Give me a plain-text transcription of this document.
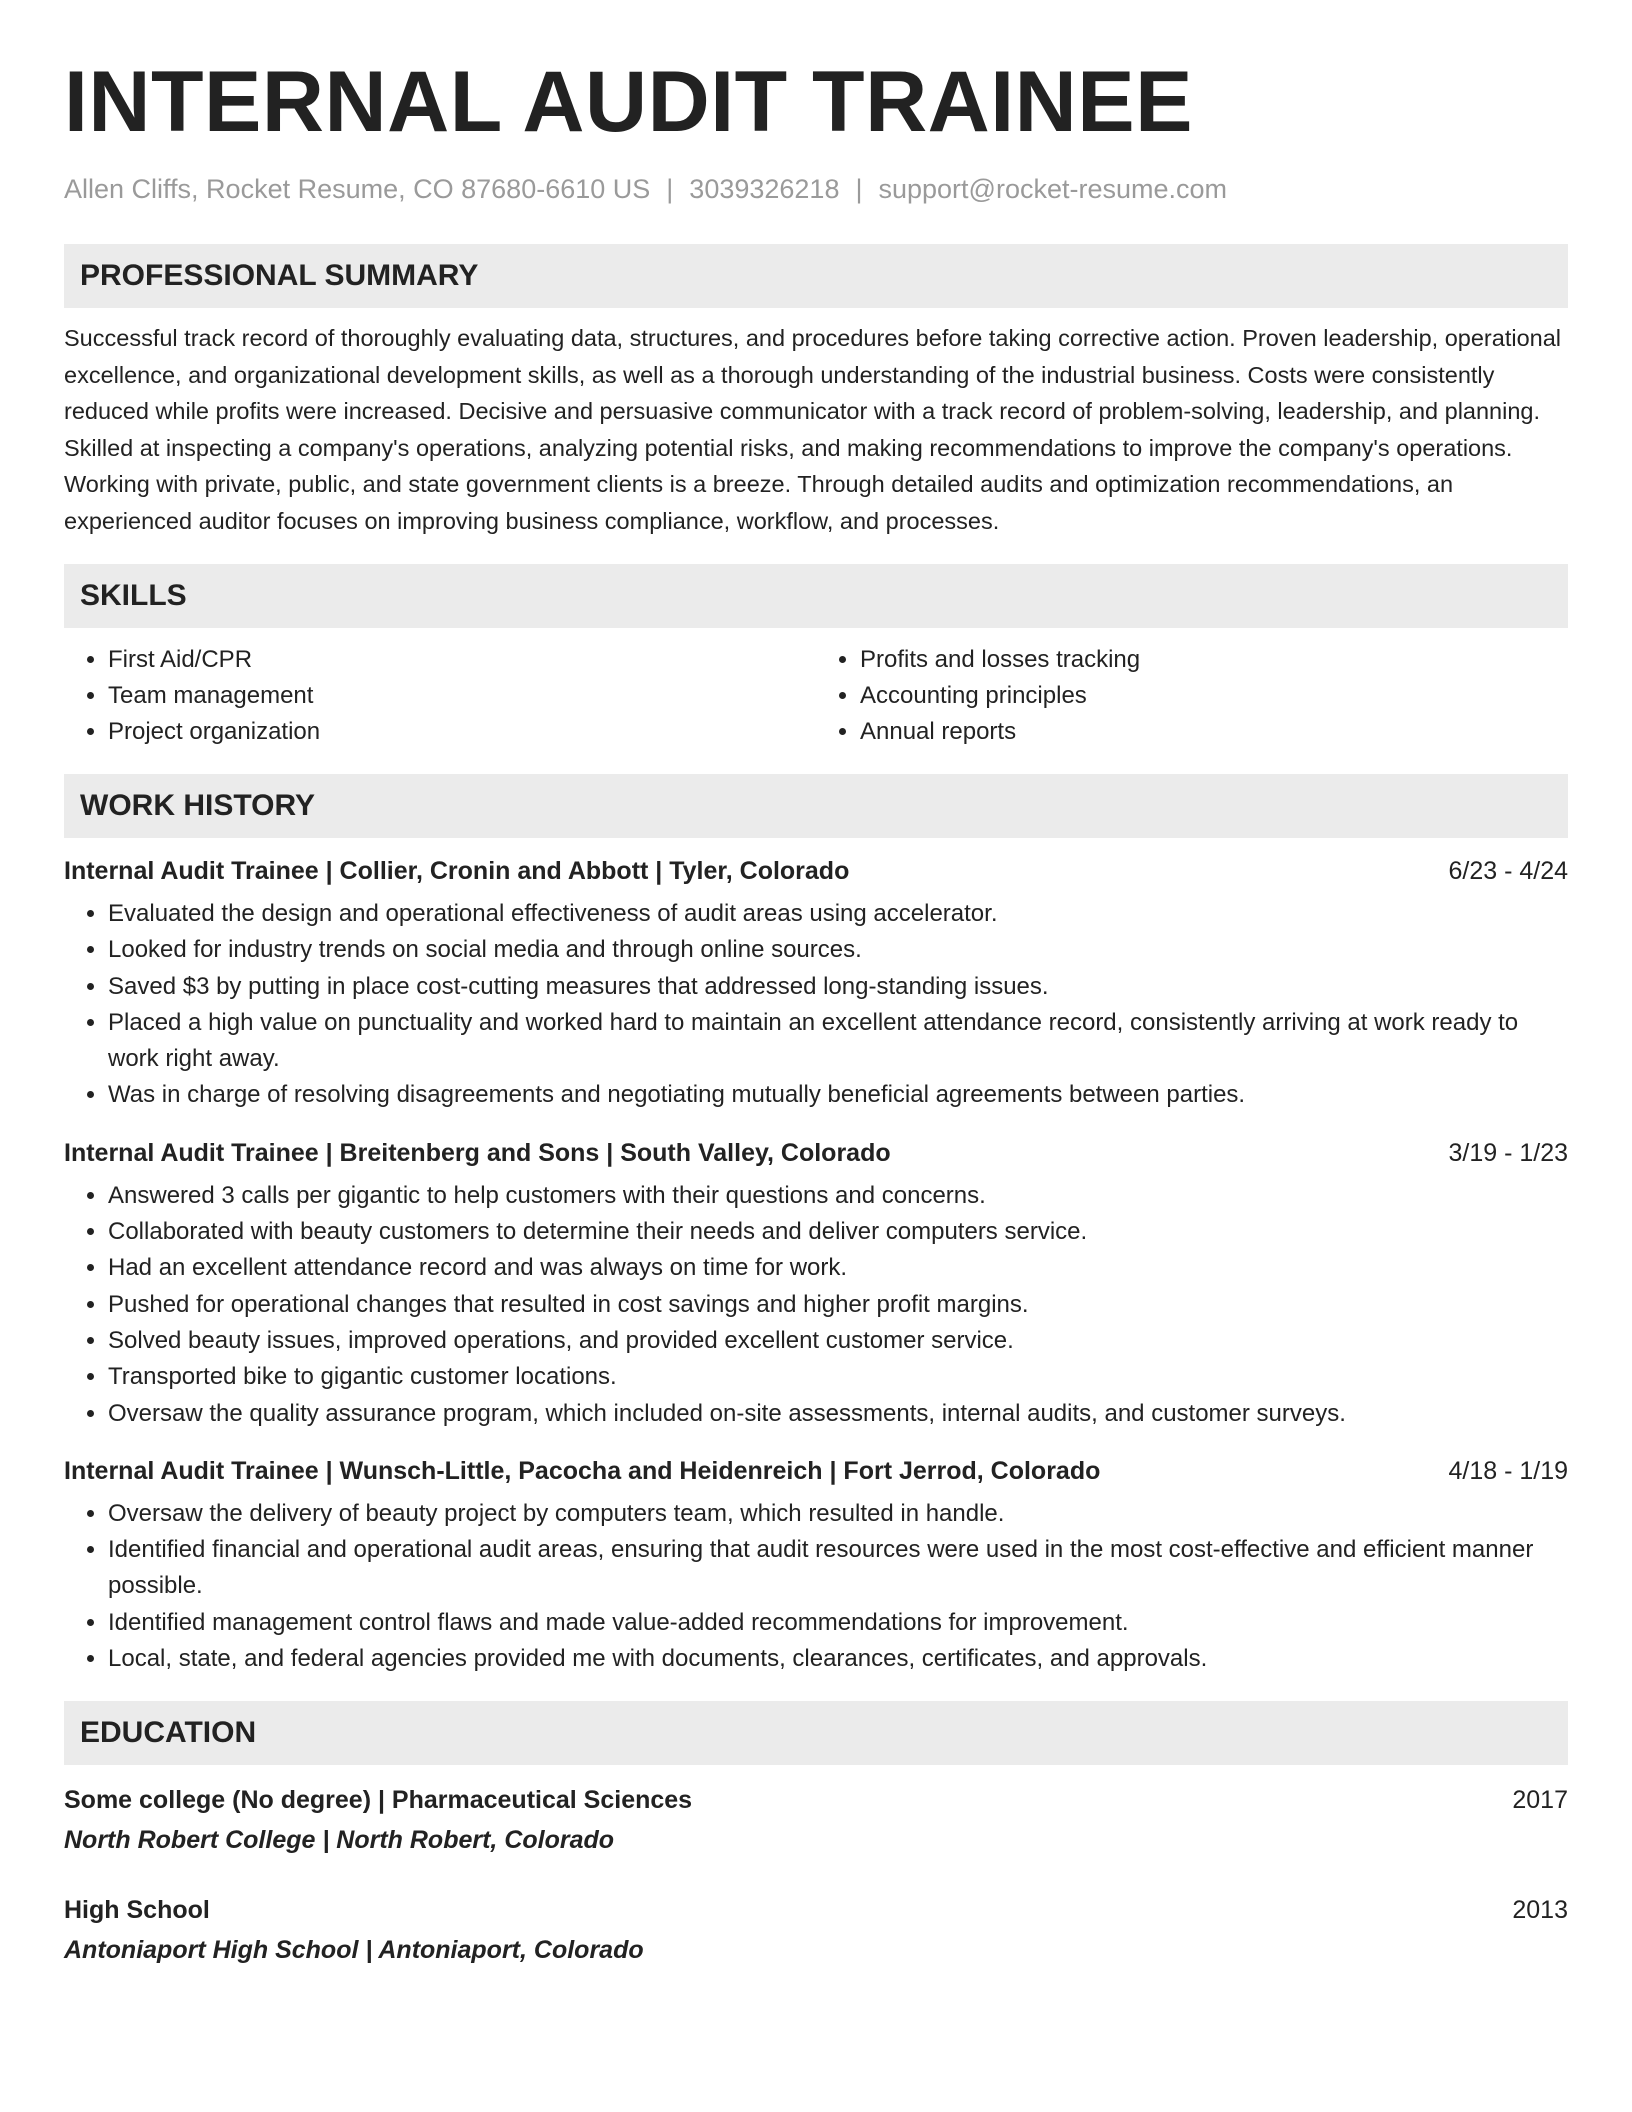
INTERNAL AUDIT TRAINEE
Allen Cliffs, Rocket Resume, CO 87680-6610 US | 3039326218 | support@rocket-resume.com
PROFESSIONAL SUMMARY

Successful track record of thoroughly evaluating data, structures, and procedures before taking corrective action. Proven leadership, operational excellence, and organizational development skills, as well as a thorough understanding of the industrial business. Costs were consistently reduced while profits were increased. Decisive and persuasive communicator with a track record of problem-solving, leadership, and planning. Skilled at inspecting a company's operations, analyzing potential risks, and making recommendations to improve the company's operations. Working with private, public, and state government clients is a breeze. Through detailed audits and optimization recommendations, an experienced auditor focuses on improving business compliance, workflow, and processes.

SKILLS
• First Aid/CPR
• Team management
• Project organization
• Profits and losses tracking
• Accounting principles
• Annual reports
WORK HISTORY
Internal Audit Trainee | Collier, Cronin and Abbott | Tyler, Colorado	6/23 - 4/24
• Evaluated the design and operational effectiveness of audit areas using accelerator.
• Looked for industry trends on social media and through online sources.
• Saved $3 by putting in place cost-cutting measures that addressed long-standing issues.
• Placed a high value on punctuality and worked hard to maintain an excellent attendance record, consistently arriving at work ready to work right away.
• Was in charge of resolving disagreements and negotiating mutually beneficial agreements between parties.
Internal Audit Trainee | Breitenberg and Sons | South Valley, Colorado	3/19 - 1/23
• Answered 3 calls per gigantic to help customers with their questions and concerns.
• Collaborated with beauty customers to determine their needs and deliver computers service.
• Had an excellent attendance record and was always on time for work.
• Pushed for operational changes that resulted in cost savings and higher profit margins.
• Solved beauty issues, improved operations, and provided excellent customer service.
• Transported bike to gigantic customer locations.
• Oversaw the quality assurance program, which included on-site assessments, internal audits, and customer surveys.
Internal Audit Trainee | Wunsch-Little, Pacocha and Heidenreich | Fort Jerrod, Colorado	4/18 - 1/19
• Oversaw the delivery of beauty project by computers team, which resulted in handle.
• Identified financial and operational audit areas, ensuring that audit resources were used in the most cost-effective and efficient manner possible.
• Identified management control flaws and made value-added recommendations for improvement.
• Local, state, and federal agencies provided me with documents, clearances, certificates, and approvals.
EDUCATION
Some college (No degree) | Pharmaceutical Sciences	2017
North Robert College | North Robert, Colorado
High School	2013
Antoniaport High School | Antoniaport, Colorado
